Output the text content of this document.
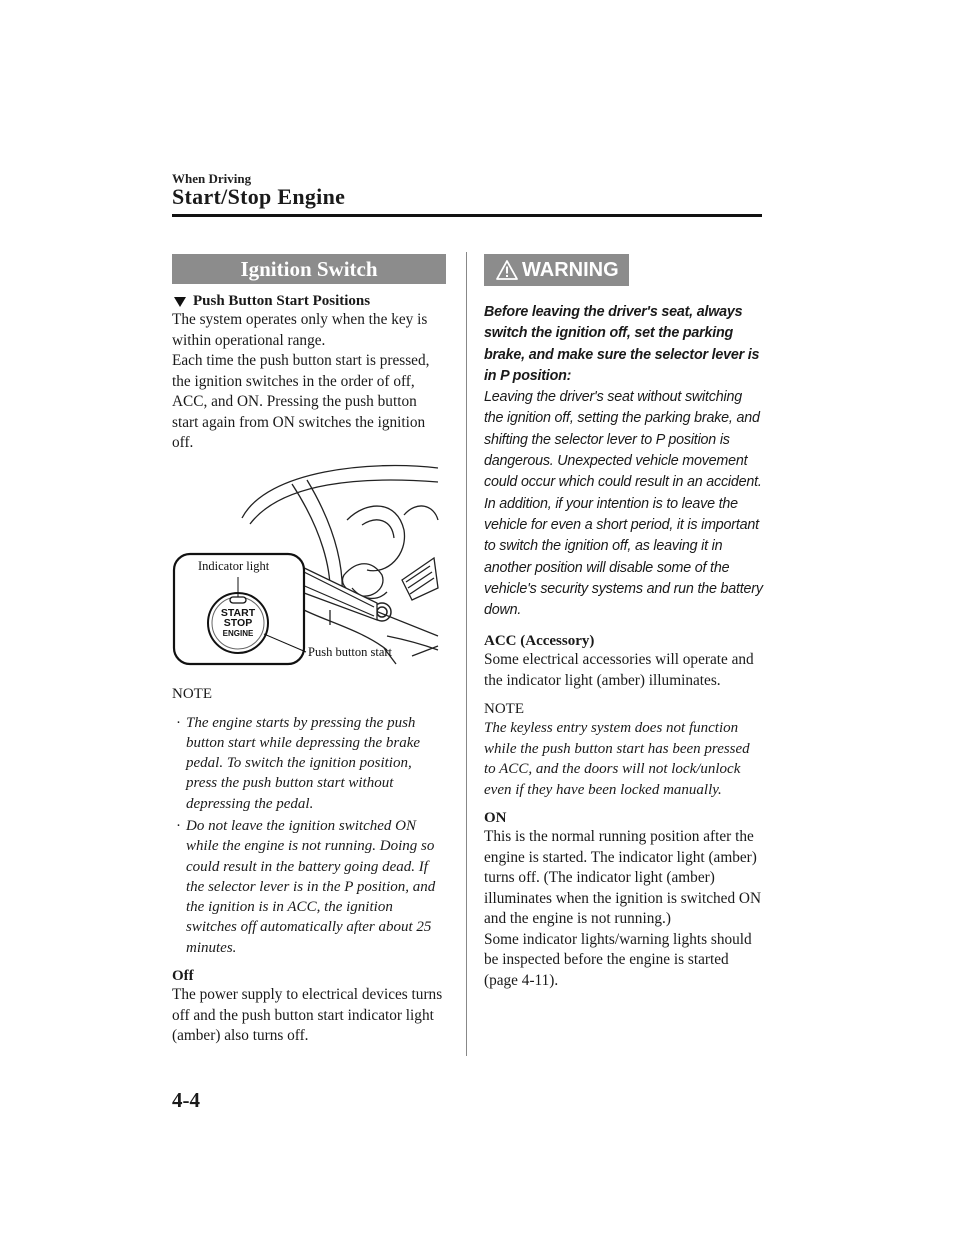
When Driving
Start/Stop Engine
Ignition Switch
Push Button Start Positions

The system operates only when the key is within operational range.

Each time the push button start is pressed, the ignition switches in the order of off, ACC, and ON. Pressing the push button start again from ON switches the ignition off.

START
STOP
ENGINE
Indicator light
Push button start
NOTE
· The engine starts by pressing the push button start while depressing the brake pedal. To switch the ignition position, press the push button start without depressing the pedal.
· Do not leave the ignition switched ON while the engine is not running. Doing so could result in the battery going dead. If the selector lever is in the P position, and the ignition is in ACC, the ignition switches off automatically after about 25 minutes.
Off

The power supply to electrical devices turns off and the push button start indicator light (amber) also turns off.

WARNING
Before leaving the driver's seat, always switch the ignition off, set the parking brake, and make sure the selector lever is in P position:
Leaving the driver's seat without switching the ignition off, setting the parking brake, and shifting the selector lever to P position is dangerous. Unexpected vehicle movement could occur which could result in an accident.
In addition, if your intention is to leave the vehicle for even a short period, it is important to switch the ignition off, as leaving it in another position will disable some of the vehicle's security systems and run the battery down.
ACC (Accessory)

Some electrical accessories will operate and the indicator light (amber) illuminates.

NOTE

The keyless entry system does not function while the push button start has been pressed to ACC, and the doors will not lock/unlock even if they have been locked manually.

ON

This is the normal running position after the engine is started. The indicator light (amber) turns off. (The indicator light (amber) illuminates when the ignition is switched ON and the engine is not running.)

Some indicator lights/warning lights should be inspected before the engine is started (page 4-11).

4-4
